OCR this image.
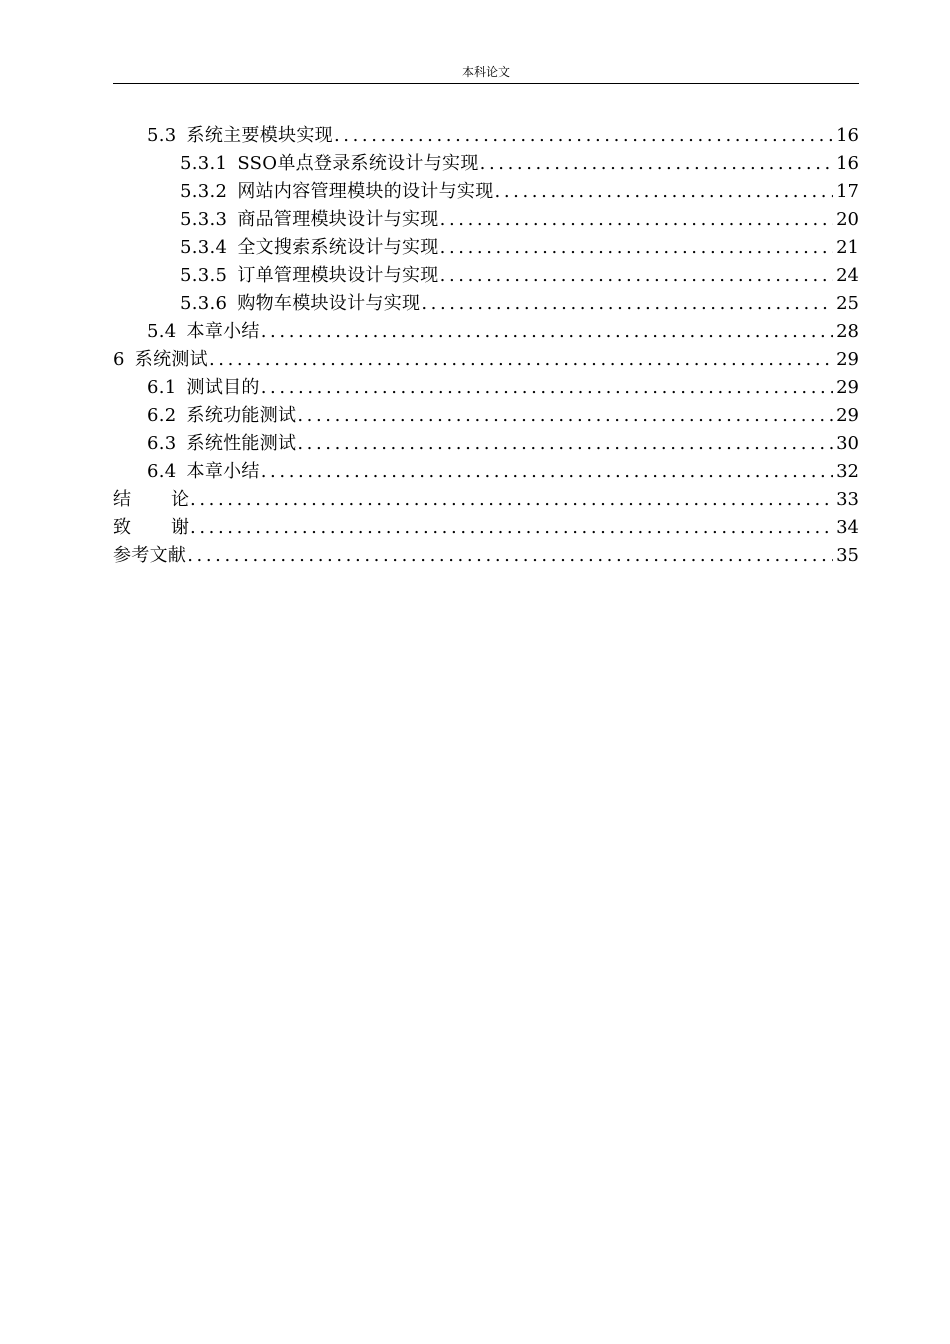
本科论文
5.3 系统主要模块实现 .....	16
5.3.1 SSO单点登录系统设计与实现 .....	16
5.3.2 网站内容管理模块的设计与实现 .....	17
5.3.3 商品管理模块设计与实现 .....	20
5.3.4 全文搜索系统设计与实现 .....	21
5.3.5 订单管理模块设计与实现 .....	24
5.3.6 购物车模块设计与实现 .....	25
5.4 本章小结 .....	28
6 系统测试 .....	29
6.1 测试目的 .....	29
6.2 系统功能测试 .....	29
6.3 系统性能测试 .....	30
6.4 本章小结 .....	32
结论 .....	33
致谢 .....	34
参考文献 .....	35
